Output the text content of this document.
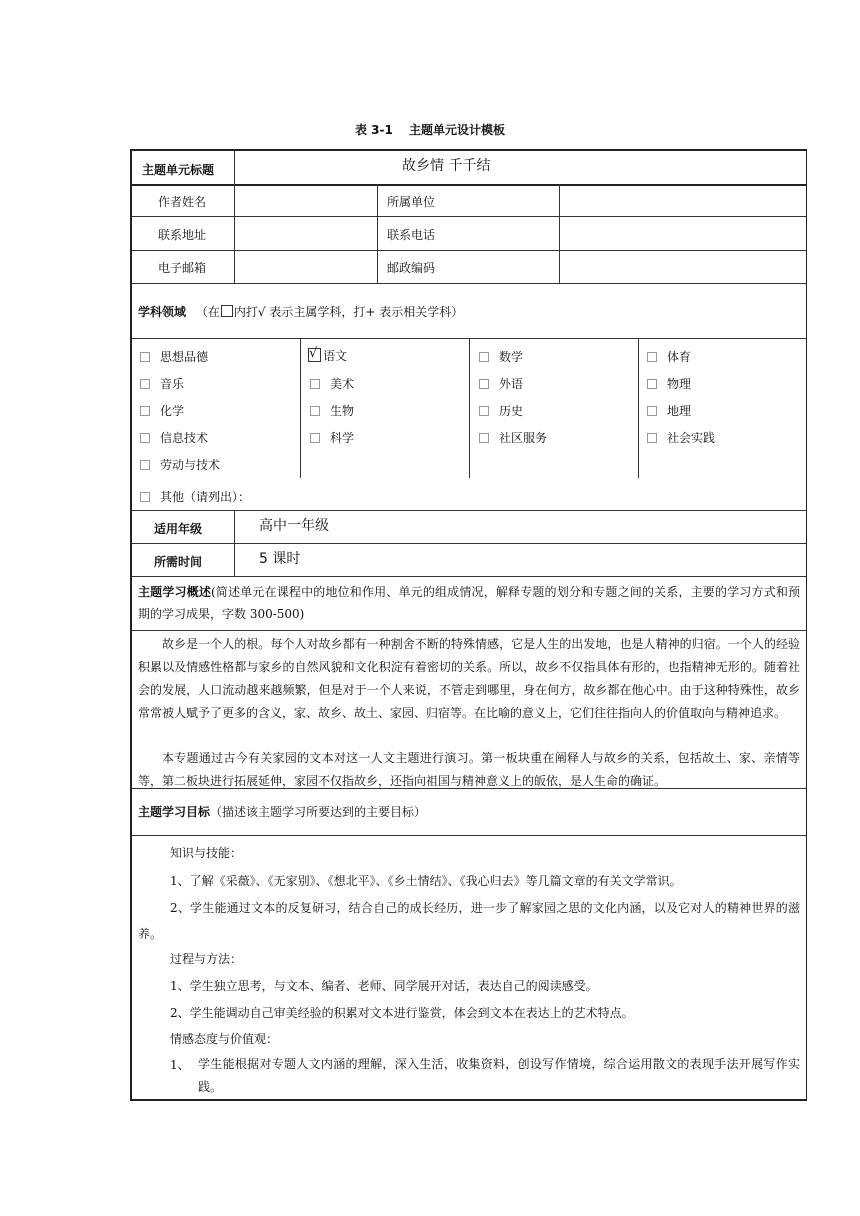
表 3-1 主题单元设计模板
主题单元标题	故乡情 千千结
作者姓名	所属单位
联系地址	联系电话
电子邮箱	邮政编码
学科领域 （在 内打√ 表示主属学科，打+ 表示相关学科）
思想品德
音乐
化学
信息技术
劳动与技术
√语文
美术
生物
科学
数学
外语
历史
社区服务
体育
物理
地理
社会实践
其他（请列出）：
适用年级	高中一年级
所需时间	5 课时
主题学习概述(简述单元在课程中的地位和作用、单元的组成情况，解释专题的划分和专题之间的关系，主要的学习方式和预期的学习成果，字数 300-500)
故乡是一个人的根。每个人对故乡都有一种割舍不断的特殊情感，它是人生的出发地，也是人精神的归宿。一个人的经验积累以及情感性格都与家乡的自然风貌和文化积淀有着密切的关系。所以，故乡不仅指具体有形的，也指精神无形的。随着社会的发展，人口流动越来越频繁，但是对于一个人来说，不管走到哪里，身在何方，故乡都在他心中。由于这种特殊性，故乡常常被人赋予了更多的含义，家、故乡、故土、家园、归宿等。在比喻的意义上，它们往往指向人的价值取向与精神追求。
本专题通过古今有关家园的文本对这一人文主题进行演习。第一板块重在阐释人与故乡的关系，包括故土、家、亲情等等，第二板块进行拓展延伸，家园不仅指故乡，还指向祖国与精神意义上的皈依，是人生命的确证。
主题学习目标（描述该主题学习所要达到的主要目标）
知识与技能：
1、了解《采薇》、《无家别》、《想北平》、《乡土情结》、《我心归去》等几篇文章的有关文学常识。
2、学生能通过文本的反复研习，结合自己的成长经历，进一步了解家园之思的文化内涵，以及它对人的精神世界的滋养。
过程与方法：
1、学生独立思考，与文本、编者、老师、同学展开对话，表达自己的阅读感受。
2、学生能调动自己审美经验的积累对文本进行鉴赏，体会到文本在表达上的艺术特点。
情感态度与价值观：
1、 学生能根据对专题人文内涵的理解，深入生活，收集资料，创设写作情境，综合运用散文的表现手法开展写作实践。
